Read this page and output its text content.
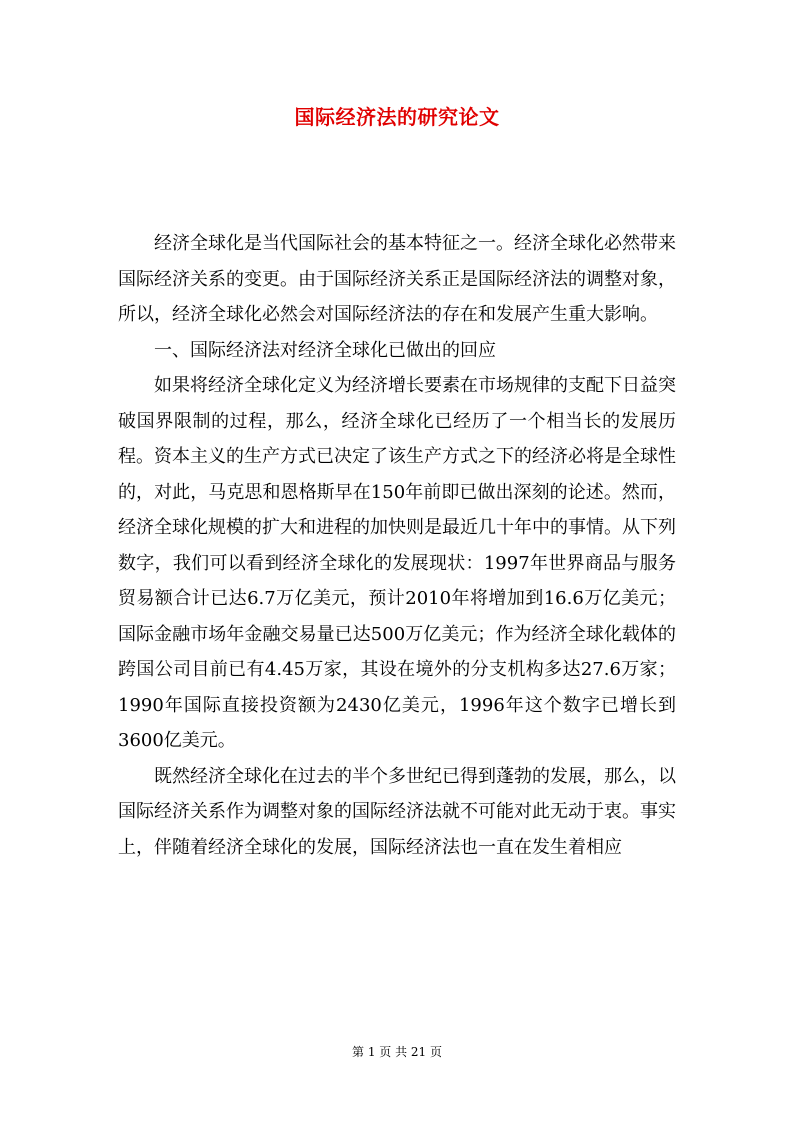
国际经济法的研究论文

经济全球化是当代国际社会的基本特征之一。经济全球化必然带来国际经济关系的变更。由于国际经济关系正是国际经济法的调整对象，所以，经济全球化必然会对国际经济法的存在和发展产生重大影响。

一、国际经济法对经济全球化已做出的回应

如果将经济全球化定义为经济增长要素在市场规律的支配下日益突破国界限制的过程，那么，经济全球化已经历了一个相当长的发展历程。资本主义的生产方式已决定了该生产方式之下的经济必将是全球性的，对此，马克思和恩格斯早在150年前即已做出深刻的论述。然而，经济全球化规模的扩大和进程的加快则是最近几十年中的事情。从下列数字，我们可以看到经济全球化的发展现状：1997年世界商品与服务贸易额合计已达6.7万亿美元，预计2010年将增加到16.6万亿美元；国际金融市场年金融交易量已达500万亿美元；作为经济全球化载体的跨国公司目前已有4.45万家，其设在境外的分支机构多达27.6万家；1990年国际直接投资额为2430亿美元，1996年这个数字已增长到3600亿美元。

既然经济全球化在过去的半个多世纪已得到蓬勃的发展，那么，以国际经济关系作为调整对象的国际经济法就不可能对此无动于衷。事实上，伴随着经济全球化的发展，国际经济法也一直在发生着相应

第 1 页 共 21 页
